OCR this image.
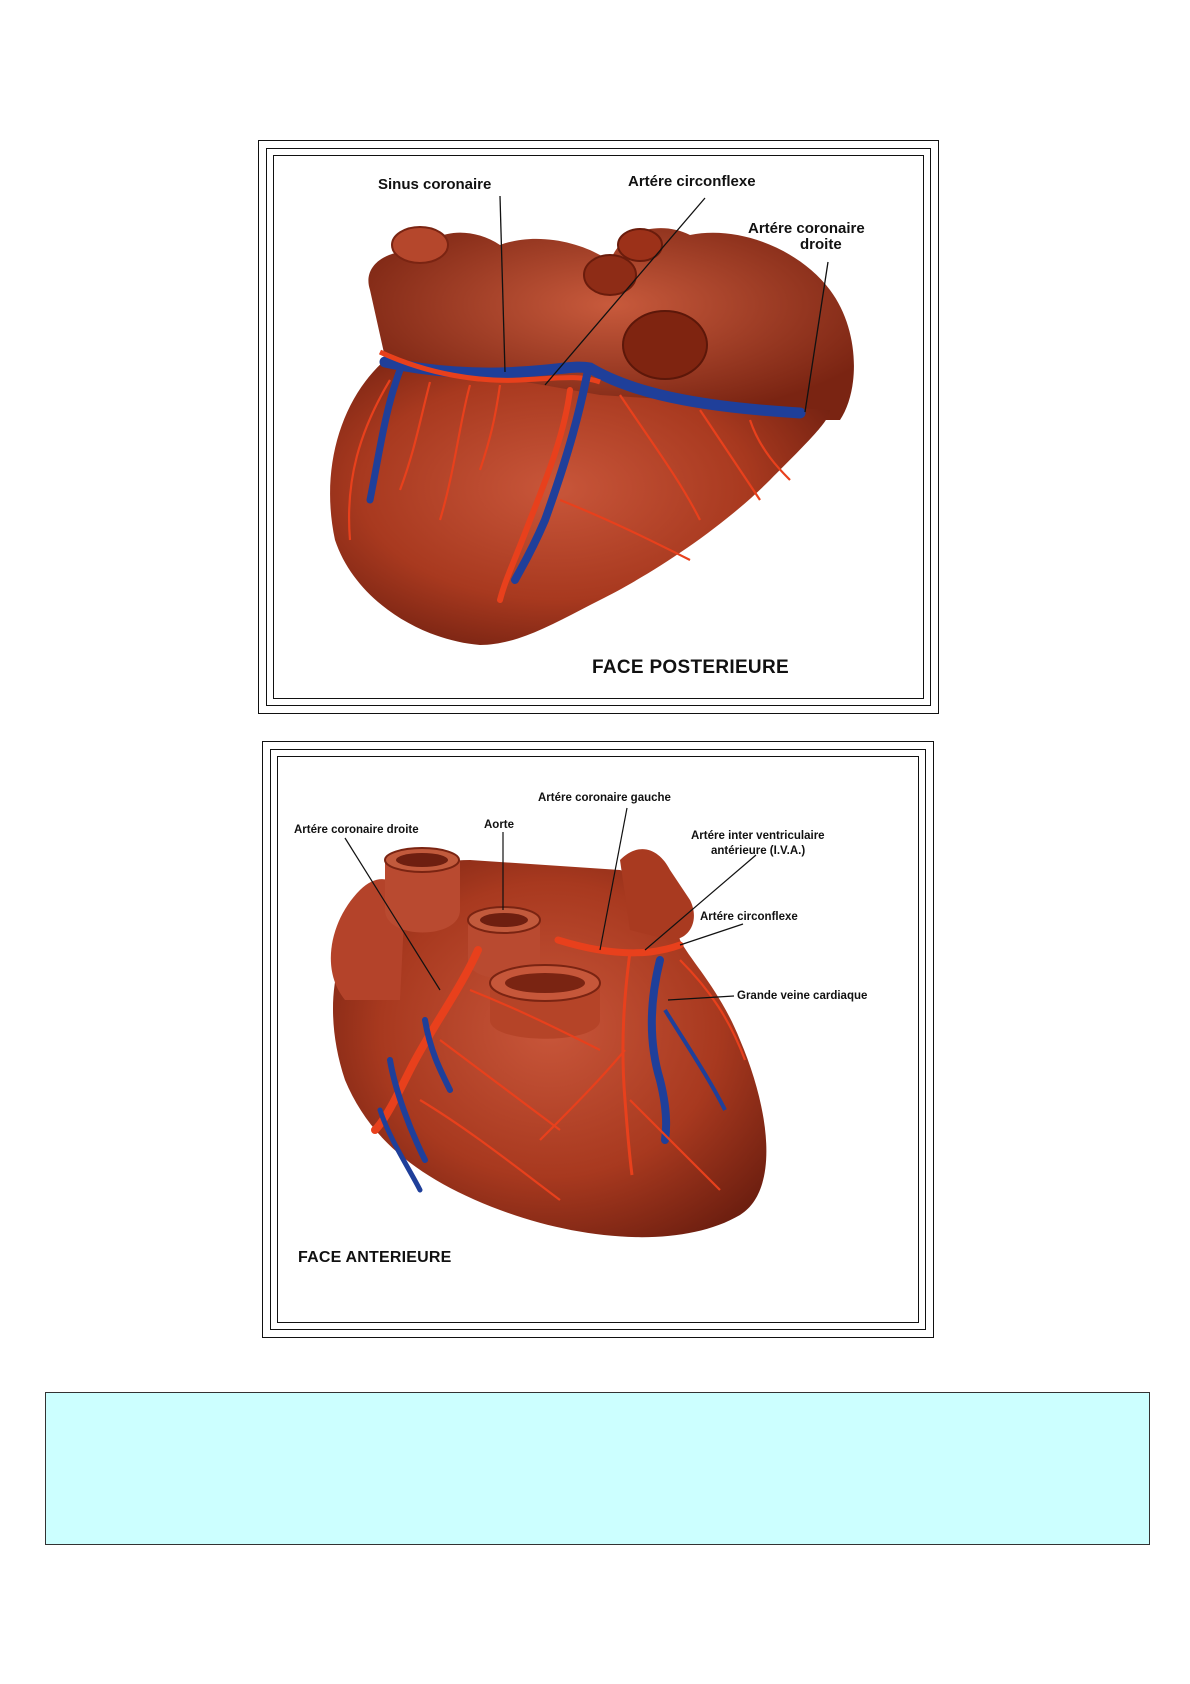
Sinus coronaire	Artére circonflexe
Artére coronaire
droite
FACE POSTERIEURE
Artére coronaire droite	Aorte
Artére coronaire gauche
Artére inter ventriculaire
antérieure (I.V.A.)
Artére circonflexe
Grande veine cardiaque
FACE ANTERIEURE
